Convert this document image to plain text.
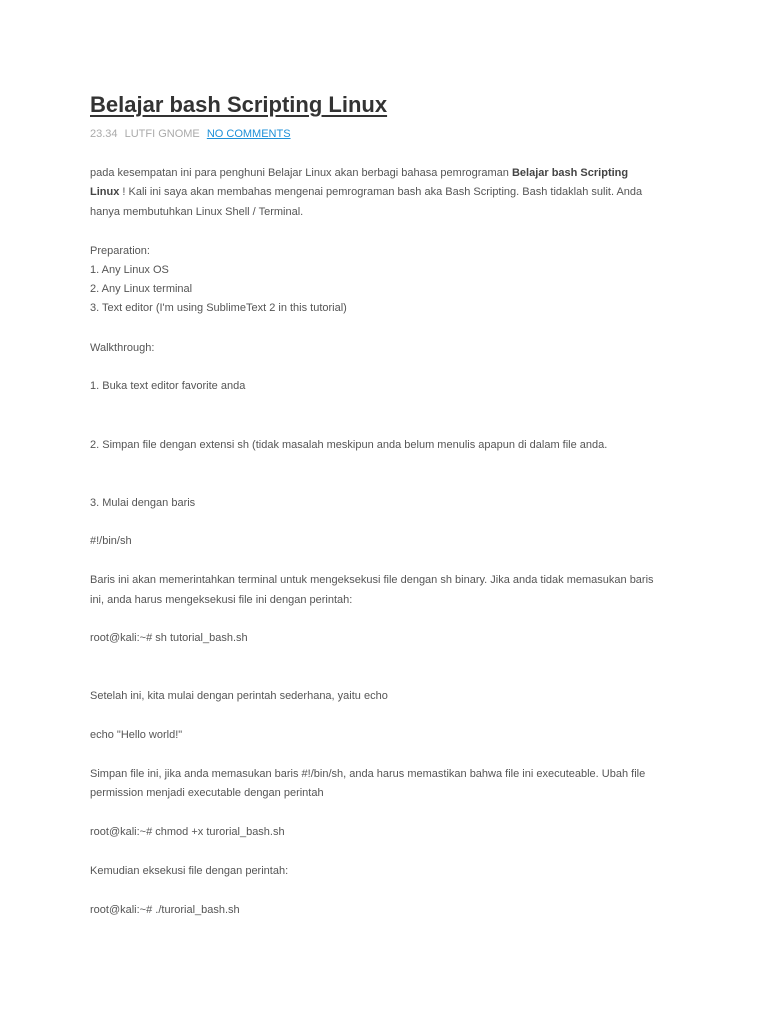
Belajar bash Scripting Linux
23.34 LUTFI GNOME NO COMMENTS
pada kesempatan ini para penghuni Belajar Linux akan berbagi bahasa pemrograman Belajar bash Scripting
Linux ! Kali ini saya akan membahas mengenai pemrograman bash aka Bash Scripting. Bash tidaklah sulit. Anda
hanya membutuhkan Linux Shell / Terminal.
Preparation:
1. Any Linux OS
2. Any Linux terminal
3. Text editor (I'm using SublimeText 2 in this tutorial)
Walkthrough:
1. Buka text editor favorite anda
2. Simpan file dengan extensi sh (tidak masalah meskipun anda belum menulis apapun di dalam file anda.
3. Mulai dengan baris
#!/bin/sh
Baris ini akan memerintahkan terminal untuk mengeksekusi file dengan sh binary. Jika anda tidak memasukan baris
ini, anda harus mengeksekusi file ini dengan perintah:
root@kali:~# sh tutorial_bash.sh
Setelah ini, kita mulai dengan perintah sederhana, yaitu echo
echo "Hello world!"
Simpan file ini, jika anda memasukan baris #!/bin/sh, anda harus memastikan bahwa file ini executeable. Ubah file
permission menjadi executable dengan perintah
root@kali:~# chmod +x turorial_bash.sh
Kemudian eksekusi file dengan perintah:
root@kali:~# ./turorial_bash.sh
